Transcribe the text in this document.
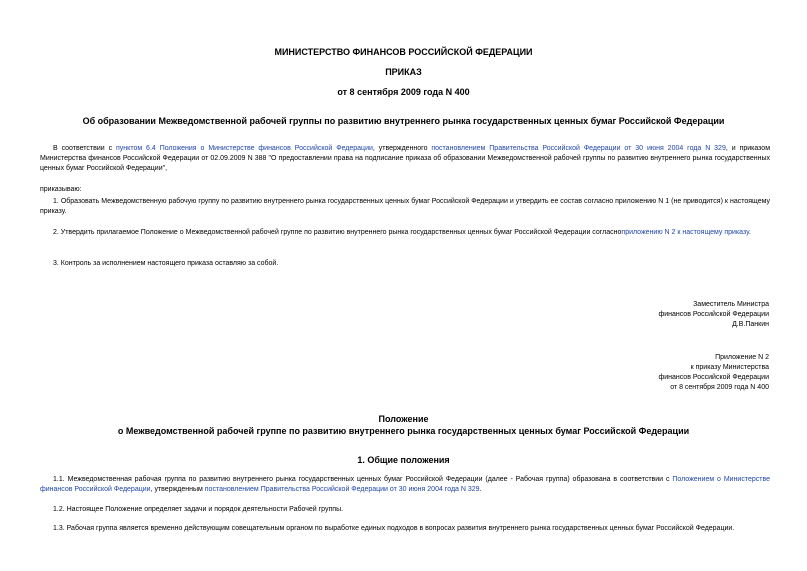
МИНИСТЕРСТВО ФИНАНСОВ РОССИЙСКОЙ ФЕДЕРАЦИИ
ПРИКАЗ
от 8 сентября 2009 года N 400
Об образовании Межведомственной рабочей группы по развитию внутреннего рынка государственных ценных бумаг Российской Федерации
В соответствии с пунктом 6.4 Положения о Министерстве финансов Российской Федерации, утвержденного постановлением Правительства Российской Федерации от 30 июня 2004 года N 329, и приказом Министерства финансов Российской Федерации от 02.09.2009 N 388 "О предоставлении права на подписание приказа об образовании Межведомственной рабочей группы по развитию внутреннего рынка государственных ценных бумаг Российской Федерации",
приказываю:
1. Образовать Межведомственную рабочую группу по развитию внутреннего рынка государственных ценных бумаг Российской Федерации и утвердить ее состав согласно приложению N 1 (не приводится) к настоящему приказу.
2. Утвердить прилагаемое Положение о Межведомственной рабочей группе по развитию внутреннего рынка государственных ценных бумаг Российской Федерации согласноприложению N 2 к настоящему приказу.
3. Контроль за исполнением настоящего приказа оставляю за собой.
Заместитель Министра
финансов Российской Федерации
Д.В.Панкин
Приложение N 2
к приказу Министерства
финансов Российской Федерации
от 8 сентября 2009 года N 400
Положение
о Межведомственной рабочей группе по развитию внутреннего рынка государственных ценных бумаг Российской Федерации
1. Общие положения
1.1. Межведомственная рабочая группа по развитию внутреннего рынка государственных ценных бумаг Российской Федерации (далее - Рабочая группа) образована в соответствии с Положением о Министерстве финансов Российской Федерации, утвержденным постановлением Правительства Российской Федерации от 30 июня 2004 года N 329.
1.2. Настоящее Положение определяет задачи и порядок деятельности Рабочей группы.
1.3. Рабочая группа является временно действующим совещательным органом по выработке единых подходов в вопросах развития внутреннего рынка государственных ценных бумаг Российской Федерации.
